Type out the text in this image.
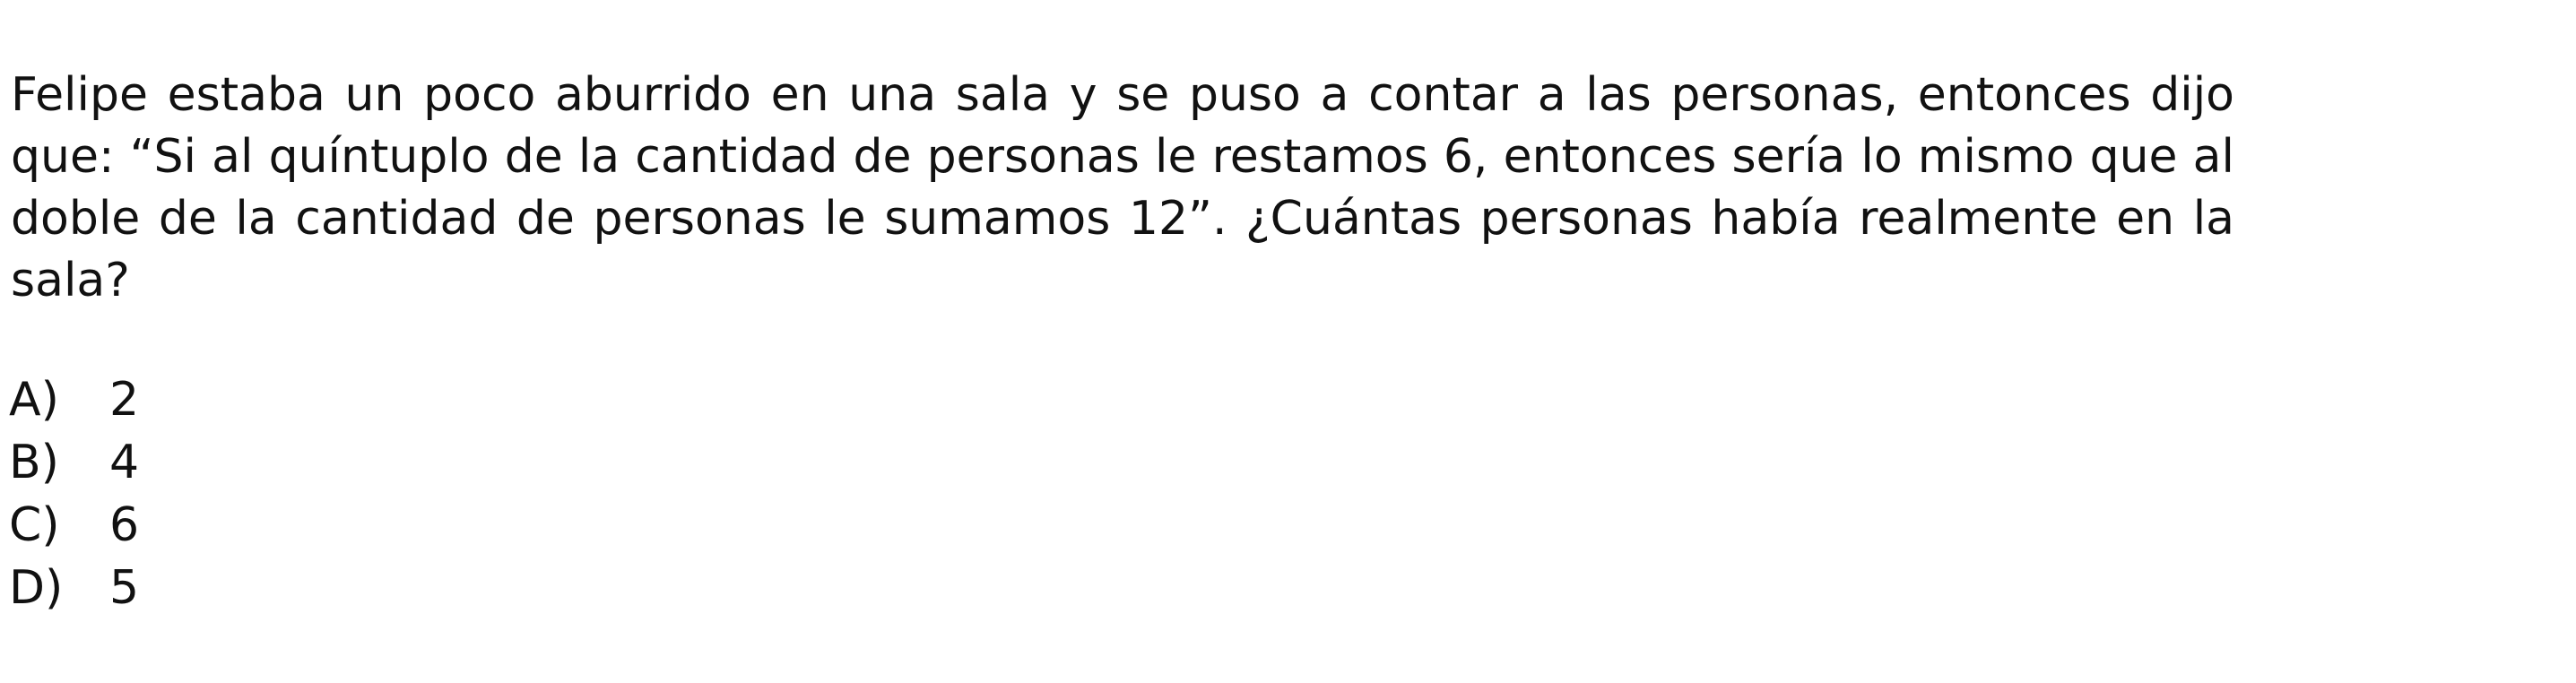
Felipe estaba un poco aburrido en una sala y se puso a contar a las personas, entonces dijo que: “Si al quíntuplo de la cantidad de personas le restamos 6, entonces sería lo mismo que al doble de la cantidad de personas le sumamos 12”. ¿Cuántas personas había realmente en la sala?

A)	2
B)	4
C)	6
D) 5
